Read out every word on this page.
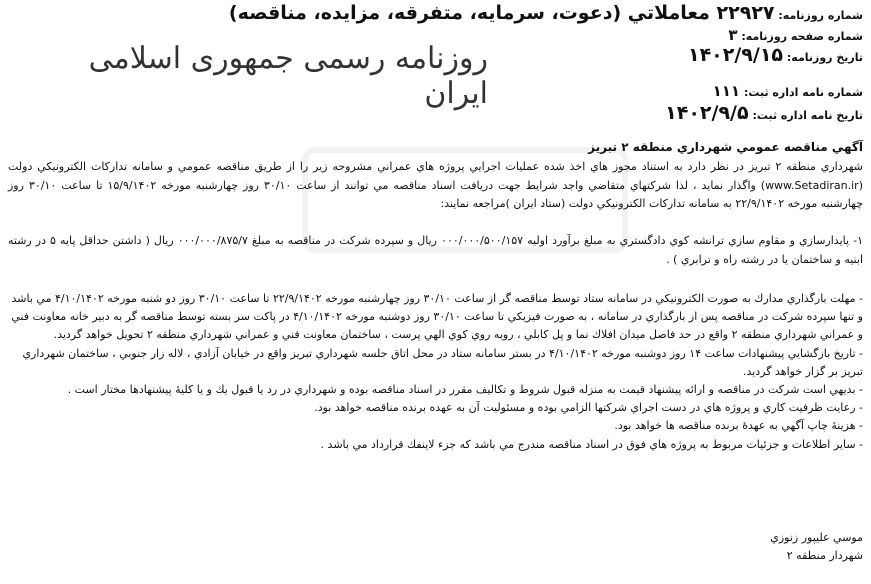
شماره روزنامه: ۲۲۹۲۷ معاملاتي (دعوت، سرمايه، متفرقه، مزايده، مناقصه)
شماره صفحه روزنامه: ۳
تاريخ روزنامه: ۱۴۰۲/۹/۱۵
شماره نامه اداره ثبت: ۱۱۱
تاريخ نامه اداره ثبت: ۱۴۰۲/۹/۵
روزنامه رسمی جمهوری اسلامی ایران
آگهي مناقصه عمومي شهرداري منطقه ۲ تبريز
شهرداري منطقه ۲ تبريز در نظر دارد به استناد مجوز هاي اخذ شده عمليات اجرايي پروژه هاي عمراني مشروحه زير را از طريق مناقصه عمومي و سامانه تداركات الكترونيكي دولت (www.Setadiran.ir) واگذار نمايد ، لذا شركتهاي متقاضي واجد شرايط جهت دريافت اسناد مناقصه مي توانند از ساعت ۳۰/۱۰ روز چهارشنبه مورخه ۱۵/۹/۱۴۰۲ تا ساعت ۳۰/۱۰ روز چهارشنبه مورخه ۲۲/۹/۱۴۰۲ به سامانه تداركات الكترونيكي دولت (ستاد ايران )مراجعه نمايند:
۱- پايدارسازي و مقاوم سازي ترانشه كوي دادگستري به مبلغ برآورد اوليه ۰۰۰/۰۰۰/۵۰۰/۱۵۷ ريال و سپرده شركت در مناقصه به مبلغ ۰۰۰/۰۰۰/۸۷۵/۷ ريال ( داشتن حداقل پايه ۵ در رشته ابنيه و ساختمان يا در رشته راه و ترابري ) .
- مهلت بارگذاري مدارك به صورت الكترونيكي در سامانه ستاد توسط مناقصه گر از ساعت ۳۰/۱۰ روز چهارشنبه مورخه ۲۲/۹/۱۴۰۲ تا ساعت ۳۰/۱۰ روز دو شنبه مورخه ۴/۱۰/۱۴۰۲ مي باشد و تنها سپرده شركت در مناقصه پس از بارگذاري در سامانه ، به صورت فيزيكي تا ساعت ۳۰/۱۰ روز دوشنبه مورخه ۴/۱۰/۱۴۰۲ در پاكت سر بسته توسط مناقصه گر به دبير خانه معاونت فني و عمراني شهرداري منطقه ۲ واقع در حد فاصل ميدان افلاك نما و پل كابلي ، روبه روي كوي الهي پرست ، ساختمان معاونت فني و عمراني شهرداري منطقه ۲ تحويل خواهد گرديد.
- تاريخ بازگشايي پيشنهادات ساعت ۱۴ روز دوشنبه مورخه ۴/۱۰/۱۴۰۲ در بستر سامانه ستاد در محل اتاق جلسه شهرداري تبريز واقع در خيابان آزادي ، لاله زار جنوبي ، ساختمان شهرداري تبريز بر گزار خواهد گرديد.
- بديهي است شركت در مناقصه و ارائه پيشنهاد قيمت به منزله قبول شروط و تكاليف مقرر در اسناد مناقصه بوده و شهرداري در رد يا قبول يك و يا كليۀ پيشنهادها مختار است .
- رعايت ظرفيت كاري و پروژه هاي در دست اجراي شركتها الزامي بوده و مسئوليت آن به عهده برنده مناقصه خواهد بود.
- هزينۀ چاپ آگهي به عهدۀ برنده مناقصه ها خواهد بود.
- ساير اطلاعات و جزئيات مربوط به پروژه هاي فوق در اسناد مناقصه مندرج مي باشد كه جزء لاينفك قرارداد مي باشد .
موسي عليپور زنوزي
شهردار منطقه ۲
